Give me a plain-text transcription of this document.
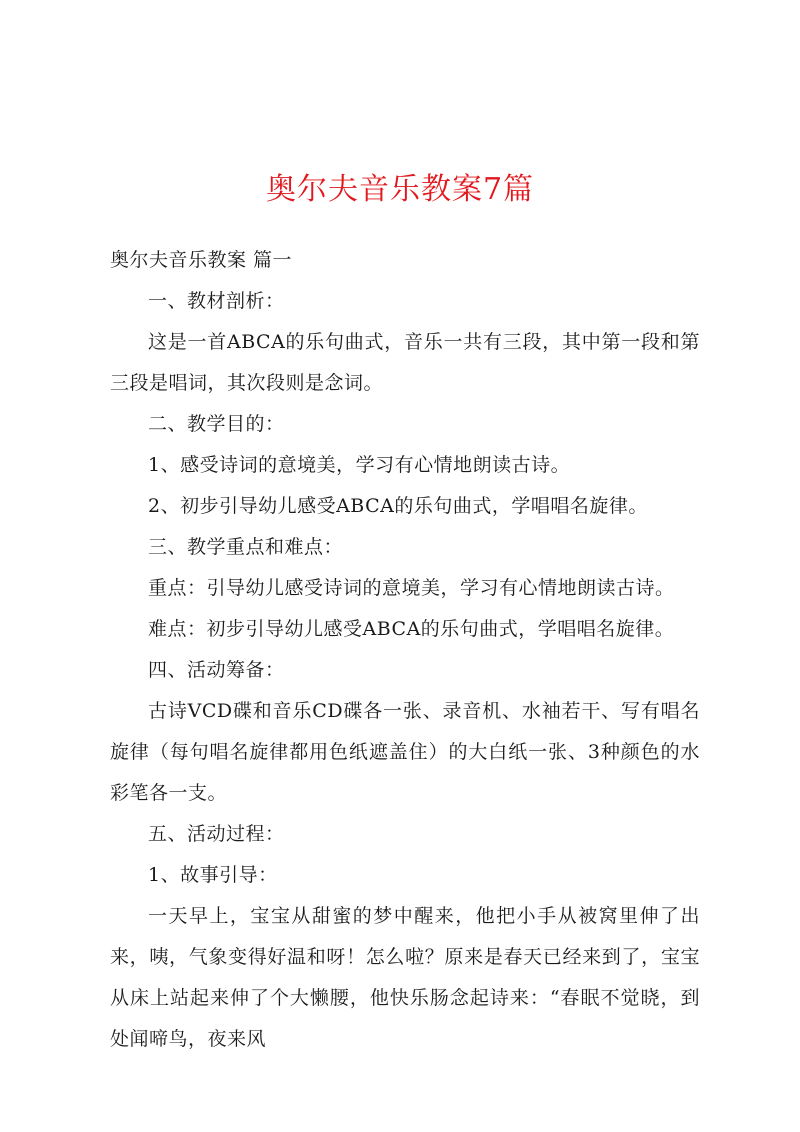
奥尔夫音乐教案7篇

奥尔夫音乐教案 篇一

一、教材剖析：

这是一首ABCA的乐句曲式，音乐一共有三段，其中第一段和第三段是唱词，其次段则是念词。

二、教学目的：

1、感受诗词的意境美，学习有心情地朗读古诗。

2、初步引导幼儿感受ABCA的乐句曲式，学唱唱名旋律。

三、教学重点和难点：

重点：引导幼儿感受诗词的意境美，学习有心情地朗读古诗。

难点：初步引导幼儿感受ABCA的乐句曲式，学唱唱名旋律。

四、活动筹备：

古诗VCD碟和音乐CD碟各一张、录音机、水袖若干、写有唱名旋律（每句唱名旋律都用色纸遮盖住）的大白纸一张、3种颜色的水彩笔各一支。

五、活动过程：

1、故事引导：

一天早上，宝宝从甜蜜的梦中醒来，他把小手从被窝里伸了出来，咦，气象变得好温和呀！怎么啦？原来是春天已经来到了，宝宝从床上站起来伸了个大懒腰，他快乐肠念起诗来：“春眠不觉晓，到处闻啼鸟，夜来风
